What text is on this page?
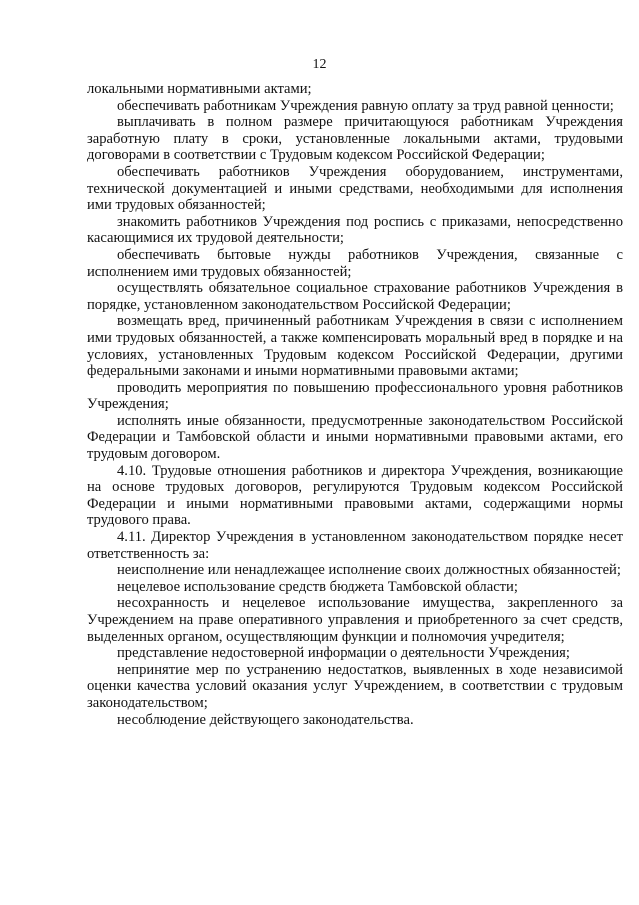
12

локальными нормативными актами;

обеспечивать работникам Учреждения равную оплату за труд равной ценности;

выплачивать в полном размере причитающуюся работникам Учреждения заработную плату в сроки, установленные локальными актами, трудовыми договорами в соответствии с Трудовым кодексом Российской Федерации;

обеспечивать работников Учреждения оборудованием, инструментами, технической документацией и иными средствами, необходимыми для исполнения ими трудовых обязанностей;

знакомить работников Учреждения под роспись с приказами, непосредственно касающимися их трудовой деятельности;

обеспечивать бытовые нужды работников Учреждения, связанные с исполнением ими трудовых обязанностей;

осуществлять обязательное социальное страхование работников Учреждения в порядке, установленном законодательством Российской Федерации;

возмещать вред, причиненный работникам Учреждения в связи с исполнением ими трудовых обязанностей, а также компенсировать моральный вред в порядке и на условиях, установленных Трудовым кодексом Российской Федерации, другими федеральными законами и иными нормативными правовыми актами;

проводить мероприятия по повышению профессионального уровня работников Учреждения;

исполнять иные обязанности, предусмотренные законодательством Российской Федерации и Тамбовской области и иными нормативными правовыми актами, его трудовым договором.

4.10. Трудовые отношения работников и директора Учреждения, возникающие на основе трудовых договоров, регулируются Трудовым кодексом Российской Федерации и иными нормативными правовыми актами, содержащими нормы трудового права.

4.11. Директор Учреждения в установленном законодательством порядке несет ответственность за:

неисполнение или ненадлежащее исполнение своих должностных обязанностей;

нецелевое использование средств бюджета Тамбовской области;

несохранность и нецелевое использование имущества, закрепленного за Учреждением на праве оперативного управления и приобретенного за счет средств, выделенных органом, осуществляющим функции и полномочия учредителя;

представление недостоверной информации о деятельности Учреждения;

непринятие мер по устранению недостатков, выявленных в ходе независимой оценки качества условий оказания услуг Учреждением, в соответствии с трудовым законодательством;

несоблюдение действующего законодательства.
